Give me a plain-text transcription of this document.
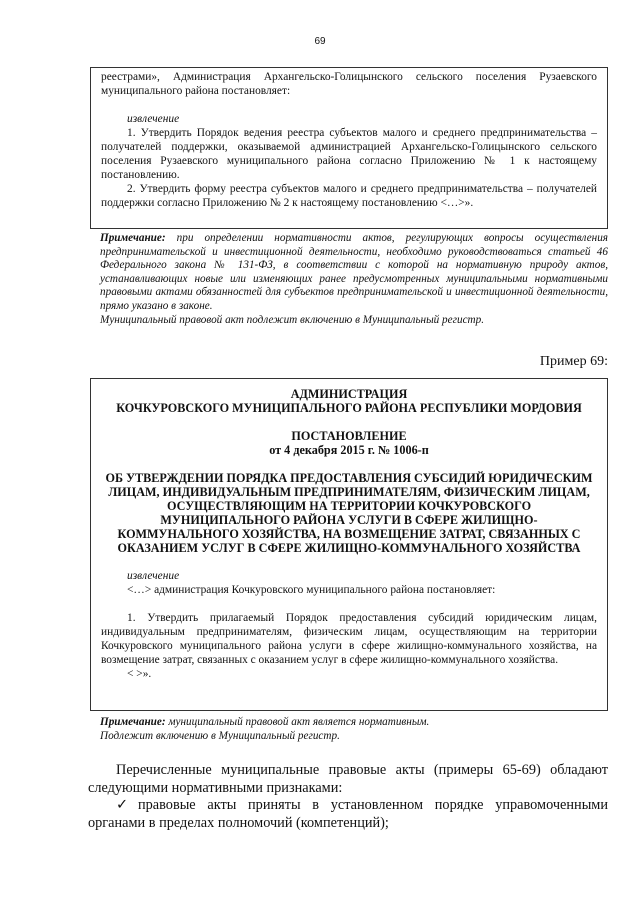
69

реестрами», Администрация Архангельско-Голицынского сельского поселения Рузаевского муниципального района постановляет:

извлечение

1. Утвердить Порядок ведения реестра субъектов малого и среднего предпринимательства – получателей поддержки, оказываемой администрацией Архангельско-Голицынского сельского поселения Рузаевского муниципального района согласно Приложению № 1 к настоящему постановлению.

2. Утвердить форму реестра субъектов малого и среднего предпринимательства – получателей поддержки согласно Приложению № 2 к настоящему постановлению <…>».

Примечание: при определении нормативности актов, регулирующих вопросы осуществления предпринимательской и инвестиционной деятельности, необходимо руководствоваться статьей 46 Федерального закона № 131-ФЗ, в соответствии с которой на нормативную природу актов, устанавливающих новые или изменяющих ранее предусмотренных муниципальными нормативными правовыми актами обязанностей для субъектов предпринимательской и инвестиционной деятельности, прямо указано в законе.
Муниципальный правовой акт подлежит включению в Муниципальный регистр.
Пример 69:

АДМИНИСТРАЦИЯ

КОЧКУРОВСКОГО МУНИЦИПАЛЬНОГО РАЙОНА РЕСПУБЛИКИ МОРДОВИЯ

ПОСТАНОВЛЕНИЕ

от 4 декабря 2015 г. № 1006-п

ОБ УТВЕРЖДЕНИИ ПОРЯДКА ПРЕДОСТАВЛЕНИЯ СУБСИДИЙ ЮРИДИЧЕСКИМ ЛИЦАМ, ИНДИВИДУАЛЬНЫМ ПРЕДПРИНИМАТЕЛЯМ, ФИЗИЧЕСКИМ ЛИЦАМ, ОСУЩЕСТВЛЯЮЩИМ НА ТЕРРИТОРИИ КОЧКУРОВСКОГО МУНИЦИПАЛЬНОГО РАЙОНА УСЛУГИ В СФЕРЕ ЖИЛИЩНО-КОММУНАЛЬНОГО ХОЗЯЙСТВА, НА ВОЗМЕЩЕНИЕ ЗАТРАТ, СВЯЗАННЫХ С ОКАЗАНИЕМ УСЛУГ В СФЕРЕ ЖИЛИЩНО-КОММУНАЛЬНОГО ХОЗЯЙСТВА

извлечение

<…> администрация Кочкуровского муниципального района постановляет:

1. Утвердить прилагаемый Порядок предоставления субсидий юридическим лицам, индивидуальным предпринимателям, физическим лицам, осуществляющим на территории Кочкуровского муниципального района услуги в сфере жилищно-коммунального хозяйства, на возмещение затрат, связанных с оказанием услуг в сфере жилищно-коммунального хозяйства.

< >».

Примечание: муниципальный правовой акт является нормативным.
Подлежит включению в Муниципальный регистр.

Перечисленные муниципальные правовые акты (примеры 65-69) обладают следующими нормативными признаками:

✓ правовые акты приняты в установленном порядке управомоченными органами в пределах полномочий (компетенций);
